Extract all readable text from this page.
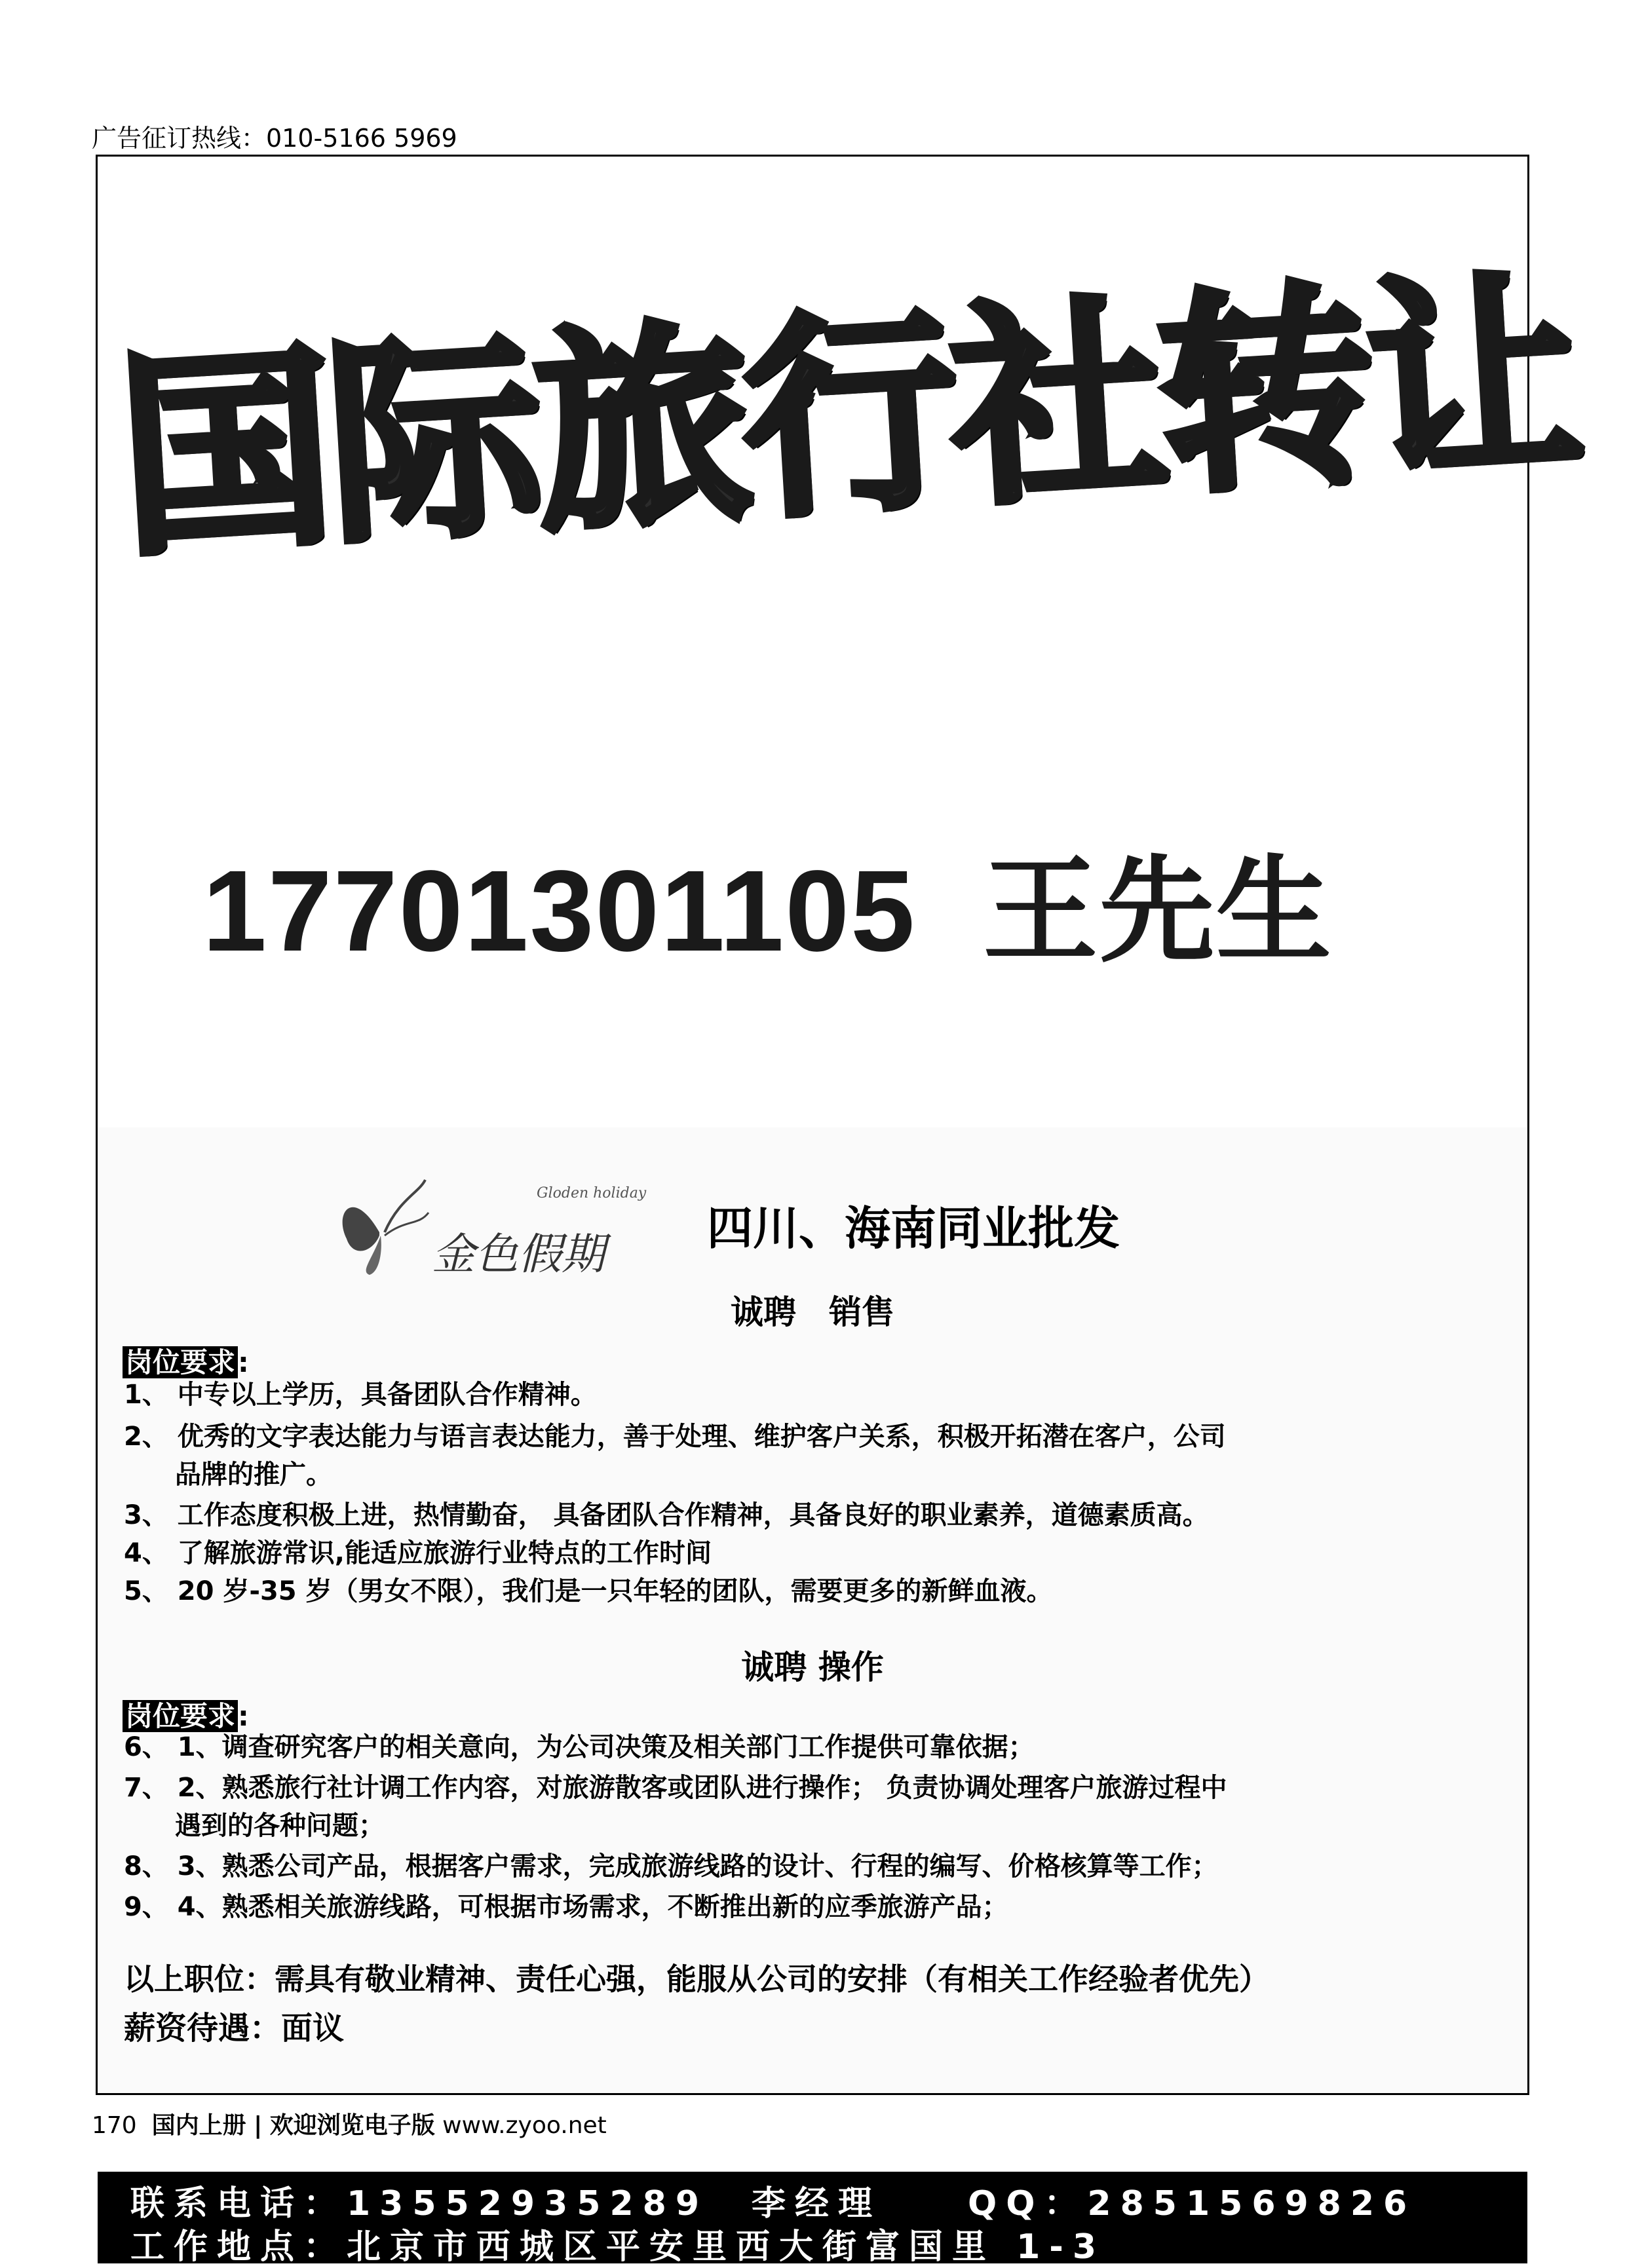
广告征订热线：010-5166 5969
国际旅行社转让
17701301105 王先生
Gloden holiday
金色假期 四川、海南同业批发
诚聘　销售
岗位要求:
1、 中专以上学历，具备团队合作精神。
2、 优秀的文字表达能力与语言表达能力，善于处理、维护客户关系，积极开拓潜在客户，公司
品牌的推广。
3、 工作态度积极上进，热情勤奋， 具备团队合作精神，具备良好的职业素养，道德素质高。
4、 了解旅游常识,能适应旅游行业特点的工作时间
5、 20 岁-35 岁（男女不限），我们是一只年轻的团队，需要更多的新鲜血液。
诚聘 操作
岗位要求:
6、 1、调查研究客户的相关意向，为公司决策及相关部门工作提供可靠依据；
7、 2、熟悉旅行社计调工作内容，对旅游散客或团队进行操作； 负责协调处理客户旅游过程中
遇到的各种问题；
8、 3、熟悉公司产品，根据客户需求，完成旅游线路的设计、行程的编写、价格核算等工作；
9、 4、熟悉相关旅游线路，可根据市场需求，不断推出新的应季旅游产品；
以上职位：需具有敬业精神、责任心强，能服从公司的安排（有相关工作经验者优先）
薪资待遇：面议
联系电话：13552935289　李经理　　QQ：2851569826
工作地点：北京市西城区平安里西大街富国里 1-3
170 国内上册 | 欢迎浏览电子版 www.zyoo.net
